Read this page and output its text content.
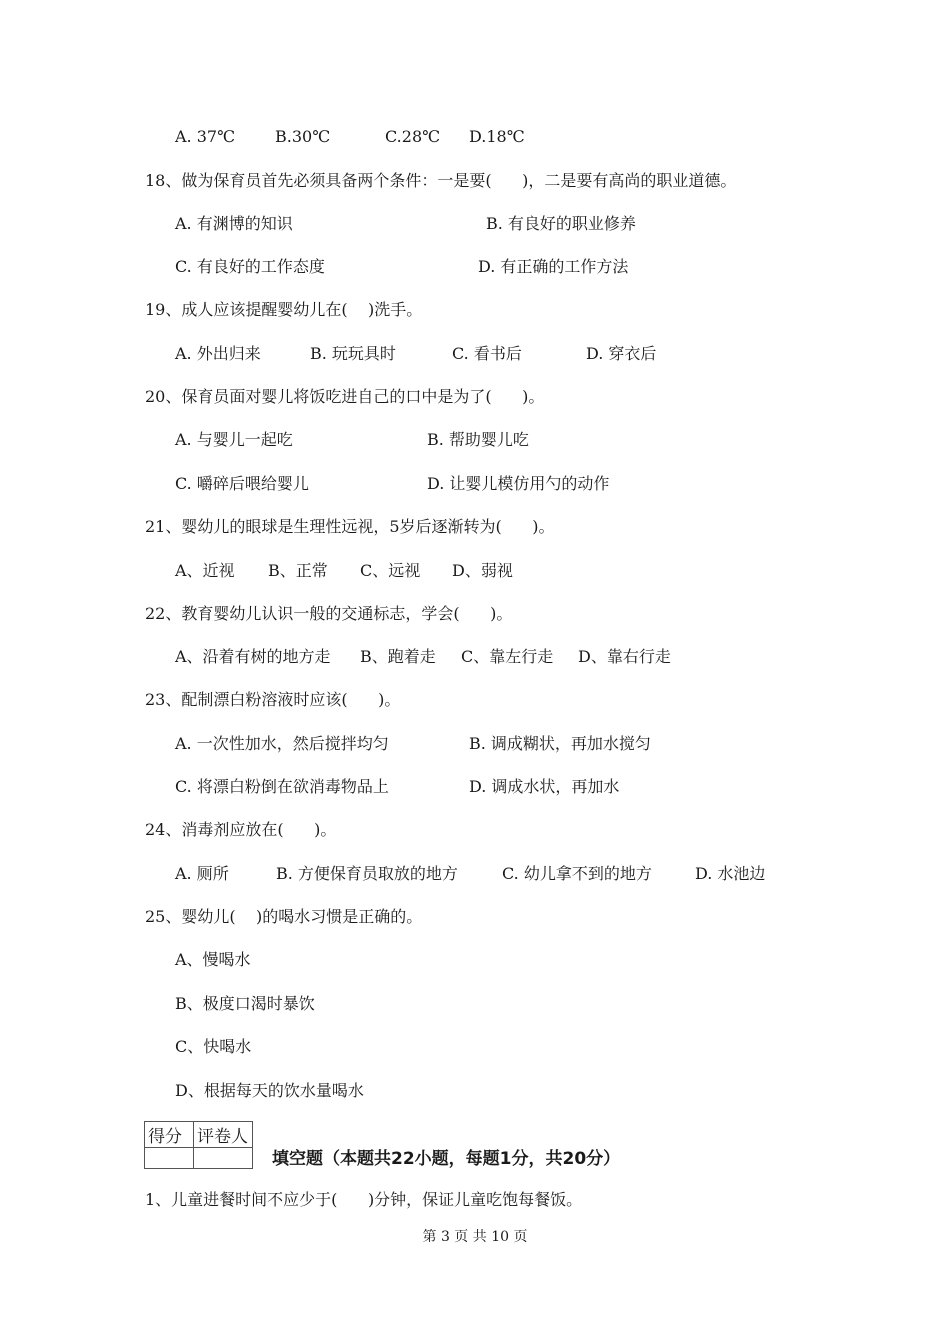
A. 37℃	B.30℃	C.28℃ D.18℃
18、做为保育员首先必须具备两个条件：一是要(      )，二是要有高尚的职业道德。
A. 有渊博的知识	B. 有良好的职业修养
C. 有良好的工作态度	D. 有正确的工作方法
19、成人应该提醒婴幼儿在(    )洗手。
A. 外出归来	B. 玩玩具时	C. 看书后	D. 穿衣后
20、保育员面对婴儿将饭吃进自己的口中是为了(      )。
A. 与婴儿一起吃	B. 帮助婴儿吃
C. 嚼碎后喂给婴儿	D. 让婴儿模仿用勺的动作
21、婴幼儿的眼球是生理性远视，5岁后逐渐转为(      )。
A、近视 B、正常 C、远视 D、弱视
22、教育婴幼儿认识一般的交通标志，学会(      )。
A、沿着有树的地方走 B、跑着走 C、靠左行走 D、靠右行走
23、配制漂白粉溶液时应该(      )。
A. 一次性加水，然后搅拌均匀	B. 调成糊状，再加水搅匀
C. 将漂白粉倒在欲消毒物品上	D. 调成水状，再加水
24、消毒剂应放在(      )。
A. 厕所	B. 方便保育员取放的地方	C. 幼儿拿不到的地方	D. 水池边
25、婴幼儿(    )的喝水习惯是正确的。
A、慢喝水
B、极度口渴时暴饮
C、快喝水
D、根据每天的饮水量喝水
得分	评卷人

填空题（本题共22小题，每题1分，共20分）
1、儿童进餐时间不应少于(      )分钟，保证儿童吃饱每餐饭。
第 3 页 共 10 页
